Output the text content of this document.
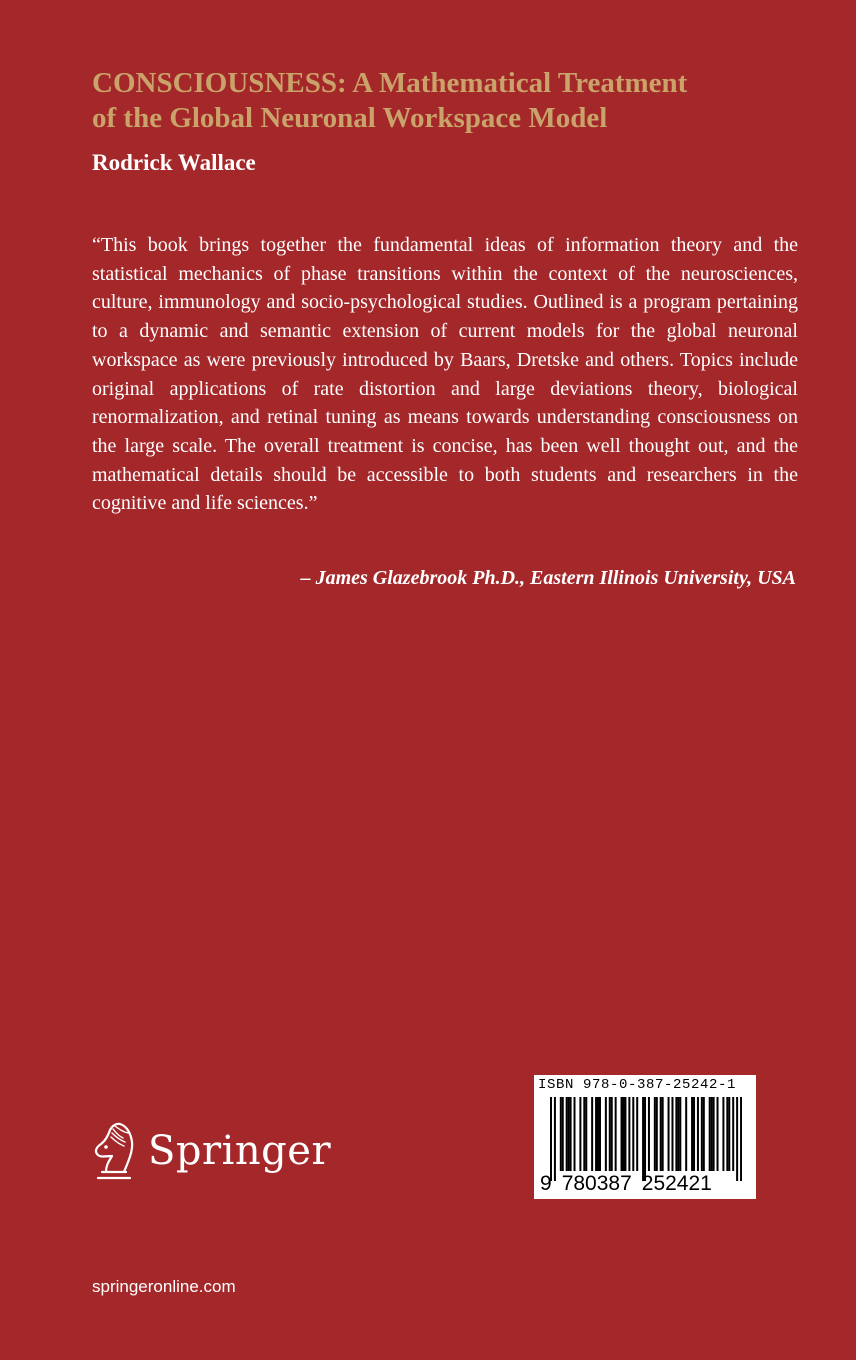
CONSCIOUSNESS: A Mathematical Treatment
of the Global Neuronal Workspace Model
Rodrick Wallace

“This book brings together the fundamental ideas of information theory and the statistical mechanics of phase transitions within the context of the neurosciences, culture, immunology and socio-psychological studies. Outlined is a program pertaining to a dynamic and semantic extension of current models for the global neuronal workspace as were previously introduced by Baars, Dretske and others. Topics include original applications of rate distortion and large deviations theory, biological renormalization, and retinal tuning as means towards understanding consciousness on the large scale. The overall treatment is concise, has been well thought out, and the mathematical details should be accessible to both students and researchers in the cognitive and life sciences.”

– James Glazebrook Ph.D., Eastern Illinois University, USA
Springer
springeronline.com
ISBN 978-0-387-25242-1
9 780387 252421
